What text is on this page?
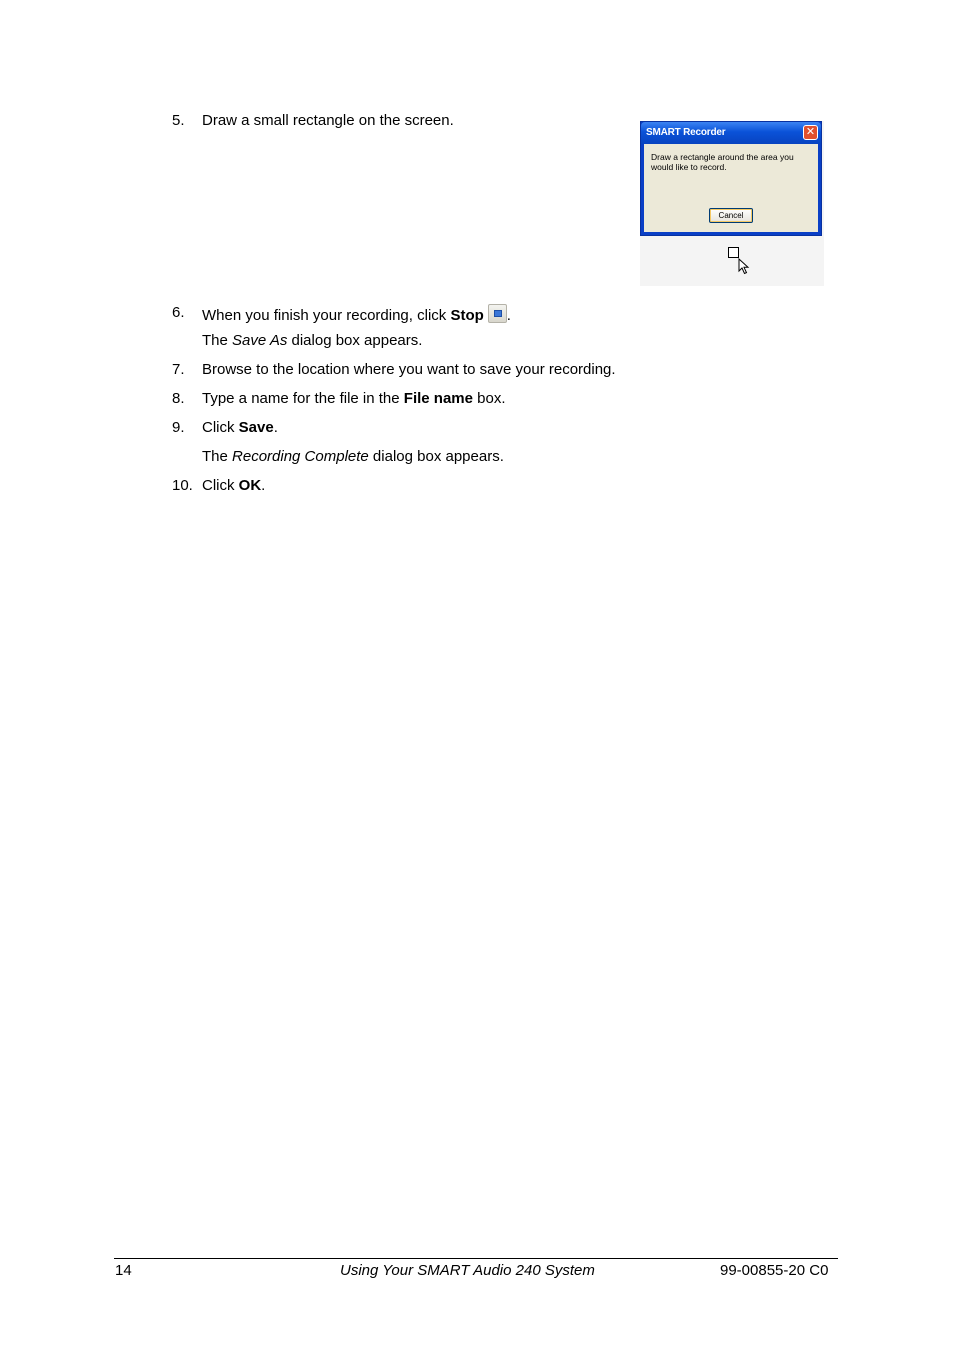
5. Draw a small rectangle on the screen.
SMART Recorder	✕
Draw a rectangle around the area you would like to record.
Cancel
6. When you finish your recording, click Stop .
The Save As dialog box appears.
7. Browse to the location where you want to save your recording.
8. Type a name for the file in the File name box.
9. Click Save.
The Recording Complete dialog box appears.
10. Click OK.
14	Using Your SMART Audio 240 System	99-00855-20 C0
